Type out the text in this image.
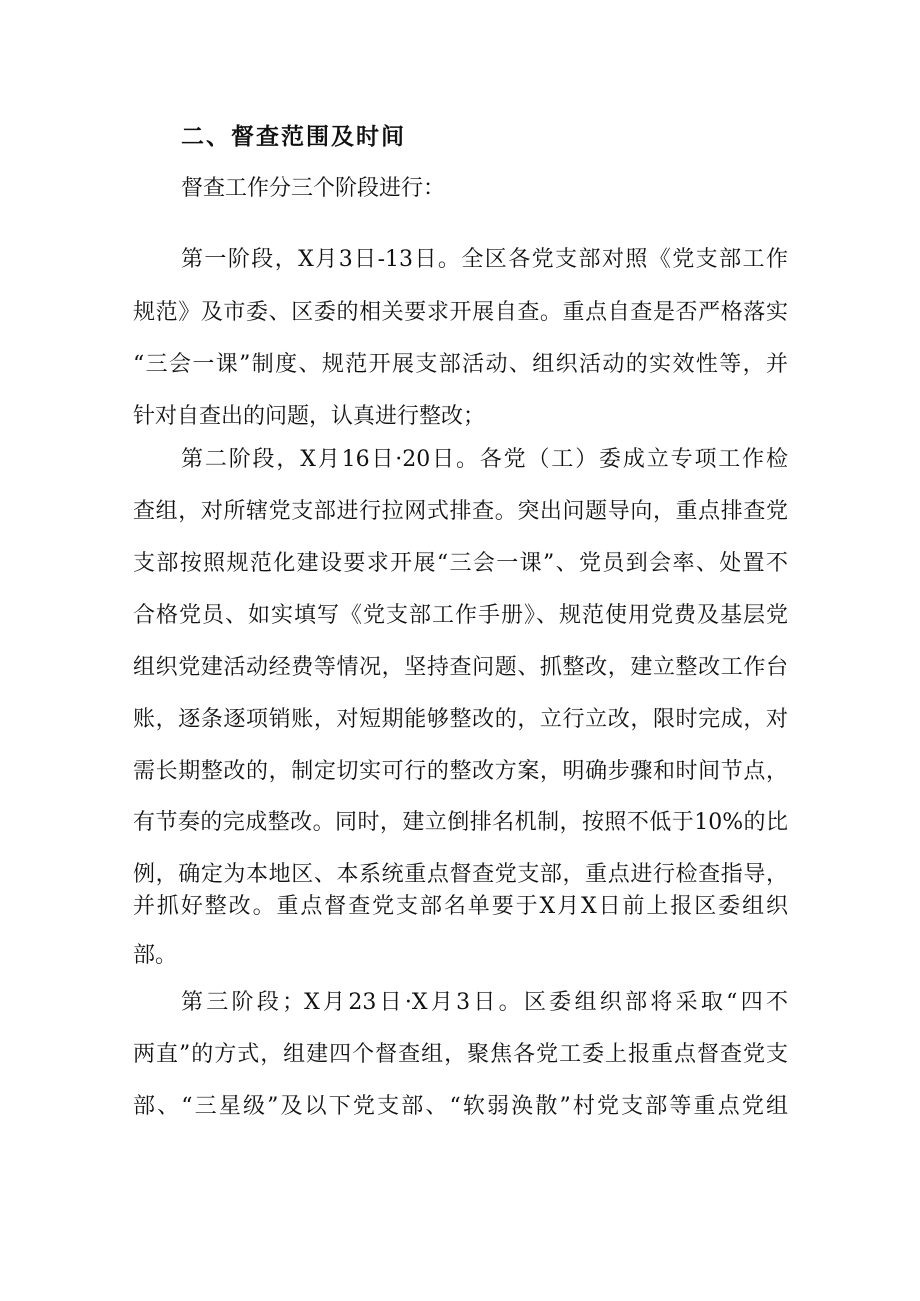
二、督查范围及时间

督查工作分三个阶段进行：

第一阶段，X月3日-13日。全区各党支部对照《党支部工作

规范》及市委、区委的相关要求开展自查。重点自查是否严格落实

“三会一课”制度、规范开展支部活动、组织活动的实效性等，并

针对自查出的问题，认真进行整改；

第二阶段，X月16日·20日。各党（工）委成立专项工作检

查组，对所辖党支部进行拉网式排查。突出问题导向，重点排查党

支部按照规范化建设要求开展“三会一课”、党员到会率、处置不

合格党员、如实填写《党支部工作手册》、规范使用党费及基层党

组织党建活动经费等情况，坚持查问题、抓整改，建立整改工作台

账，逐条逐项销账，对短期能够整改的，立行立改，限时完成，对

需长期整改的，制定切实可行的整改方案，明确步骤和时间节点，

有节奏的完成整改。同时，建立倒排名机制，按照不低于10%的比

例，确定为本地区、本系统重点督查党支部，重点进行检查指导，

并抓好整改。重点督查党支部名单要于X月X日前上报区委组织

部。

第三阶段；X月23日·X月3日。区委组织部将采取“四不

两直”的方式，组建四个督查组，聚焦各党工委上报重点督查党支

部、“三星级”及以下党支部、“软弱涣散”村党支部等重点党组
